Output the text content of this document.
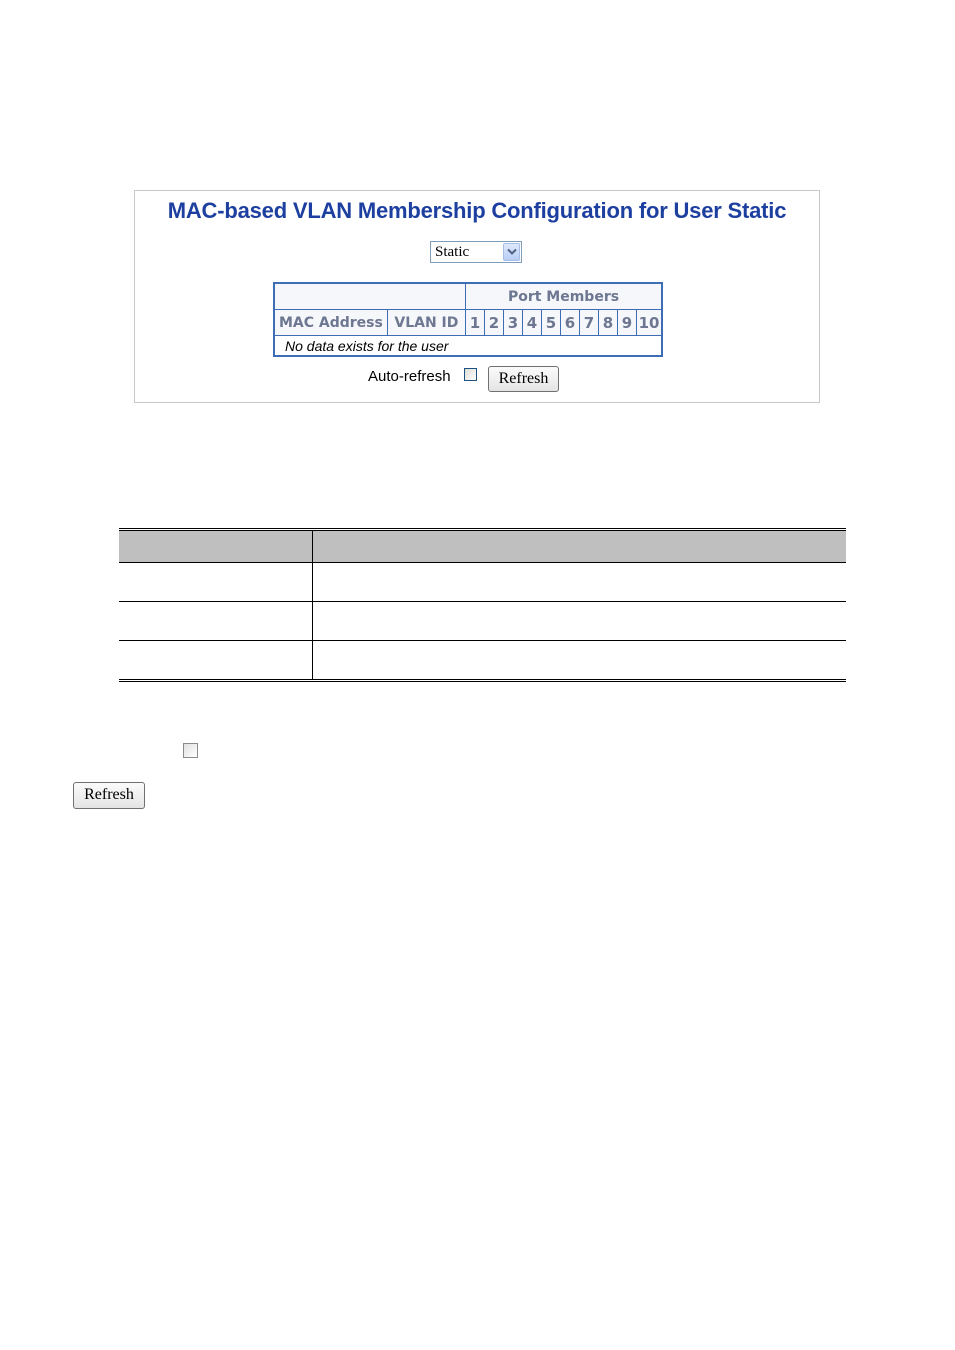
MAC-based VLAN Membership Configuration for User Static
Static
		Port Members									
MAC Address	VLAN ID	1	2	3	4	5	6	7	8	9	10
No data exists for the user											
Auto-refresh	Refresh

Refresh
